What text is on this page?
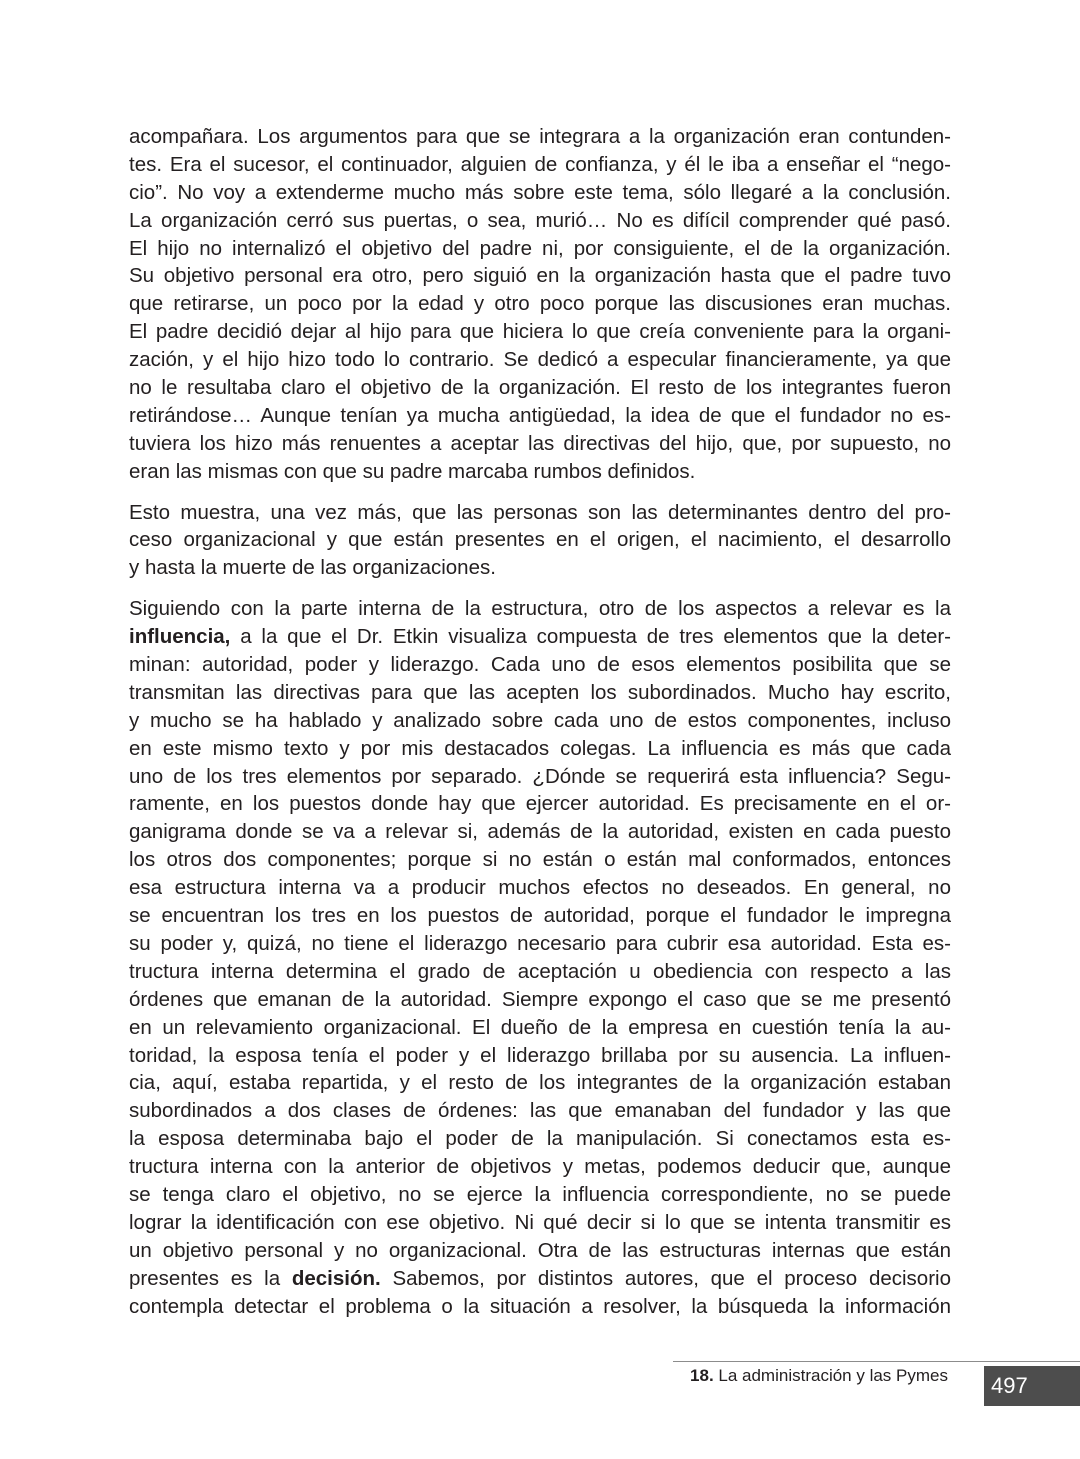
acompañara. Los argumentos para que se integrara a la organización eran contunden-
tes. Era el sucesor, el continuador, alguien de confianza, y él le iba a enseñar el “nego-
cio”. No voy a extenderme mucho más sobre este tema, sólo llegaré a la conclusión.
La organización cerró sus puertas, o sea, murió… No es difícil comprender qué pasó.
El hijo no internalizó el objetivo del padre ni, por consiguiente, el de la organización.
Su objetivo personal era otro, pero siguió en la organización hasta que el padre tuvo
que retirarse, un poco por la edad y otro poco porque las discusiones eran muchas.
El padre decidió dejar al hijo para que hiciera lo que creía conveniente para la organi-
zación, y el hijo hizo todo lo contrario. Se dedicó a especular financieramente, ya que
no le resultaba claro el objetivo de la organización. El resto de los integrantes fueron
retirándose… Aunque tenían ya mucha antigüedad, la idea de que el fundador no es-
tuviera los hizo más renuentes a aceptar las directivas del hijo, que, por supuesto, no
eran las mismas con que su padre marcaba rumbos definidos.
Esto muestra, una vez más, que las personas son las determinantes dentro del pro-
ceso organizacional y que están presentes en el origen, el nacimiento, el desarrollo
y hasta la muerte de las organizaciones.
Siguiendo con la parte interna de la estructura, otro de los aspectos a relevar es la
influencia, a la que el Dr. Etkin visualiza compuesta de tres elementos que la deter-
minan: autoridad, poder y liderazgo. Cada uno de esos elementos posibilita que se
transmitan las directivas para que las acepten los subordinados. Mucho hay escrito,
y mucho se ha hablado y analizado sobre cada uno de estos componentes, incluso
en este mismo texto y por mis destacados colegas. La influencia es más que cada
uno de los tres elementos por separado. ¿Dónde se requerirá esta influencia? Segu-
ramente, en los puestos donde hay que ejercer autoridad. Es precisamente en el or-
ganigrama donde se va a relevar si, además de la autoridad, existen en cada puesto
los otros dos componentes; porque si no están o están mal conformados, entonces
esa estructura interna va a producir muchos efectos no deseados. En general, no
se encuentran los tres en los puestos de autoridad, porque el fundador le impregna
su poder y, quizá, no tiene el liderazgo necesario para cubrir esa autoridad. Esta es-
tructura interna determina el grado de aceptación u obediencia con respecto a las
órdenes que emanan de la autoridad. Siempre expongo el caso que se me presentó
en un relevamiento organizacional. El dueño de la empresa en cuestión tenía la au-
toridad, la esposa tenía el poder y el liderazgo brillaba por su ausencia. La influen-
cia, aquí, estaba repartida, y el resto de los integrantes de la organización estaban
subordinados a dos clases de órdenes: las que emanaban del fundador y las que
la esposa determinaba bajo el poder de la manipulación. Si conectamos esta es-
tructura interna con la anterior de objetivos y metas, podemos deducir que, aunque
se tenga claro el objetivo, no se ejerce la influencia correspondiente, no se puede
lograr la identificación con ese objetivo. Ni qué decir si lo que se intenta transmitir es
un objetivo personal y no organizacional. Otra de las estructuras internas que están
presentes es la decisión. Sabemos, por distintos autores, que el proceso decisorio
contempla detectar el problema o la situación a resolver, la búsqueda la información
18. La administración y las Pymes	497
